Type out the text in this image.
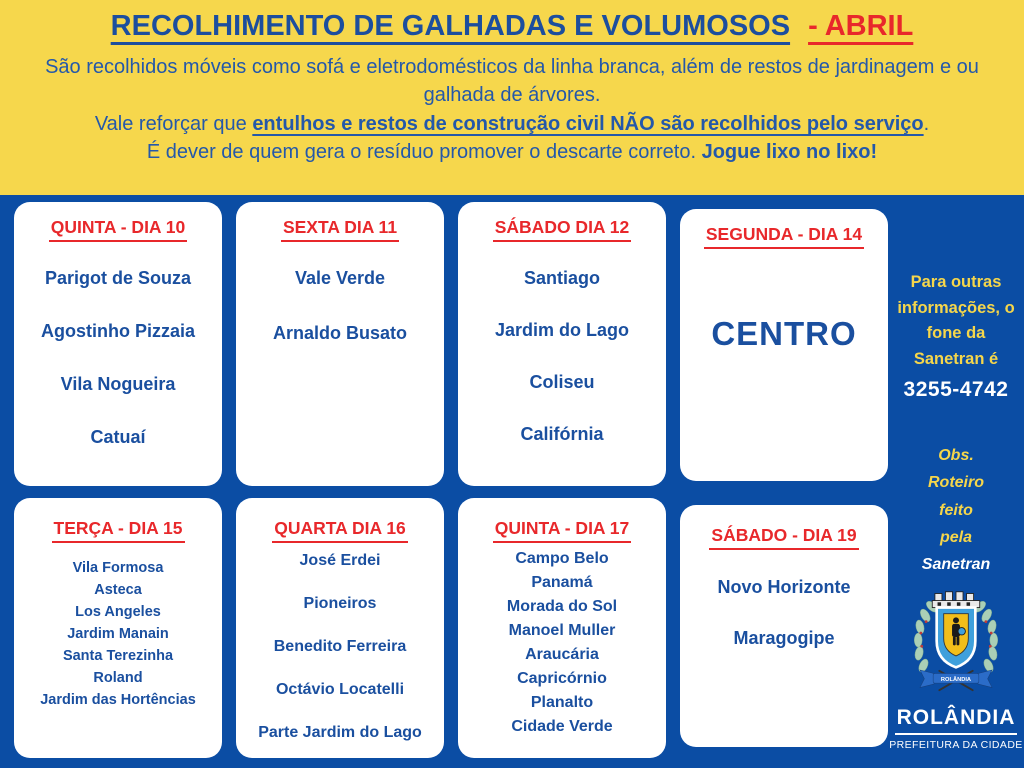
RECOLHIMENTO DE GALHADAS E VOLUMOSOS - ABRIL

São recolhidos móveis como sofá e eletrodomésticos da linha branca, além de restos de jardinagem e ou galhada de árvores.

Vale reforçar que entulhos e restos de construção civil NÃO são recolhidos pelo serviço.

É dever de quem gera o resíduo promover o descarte correto. Jogue lixo no lixo!

QUINTA - DIA 10
Parigot de Souza
Agostinho Pizzaia
Vila Nogueira
Catuaí
SEXTA DIA 11
Vale Verde
Arnaldo Busato
SÁBADO DIA 12
Santiago
Jardim do Lago
Coliseu
Califórnia
SEGUNDA - DIA 14
CENTRO
TERÇA - DIA 15
Vila Formosa
Asteca
Los Angeles
Jardim Manain
Santa Terezinha
Roland
Jardim das Hortências
QUARTA DIA 16
José Erdei
Pioneiros
Benedito Ferreira
Octávio Locatelli
Parte Jardim do Lago
QUINTA - DIA 17
Campo Belo
Panamá
Morada do Sol
Manoel Muller
Araucária
Capricórnio
Planalto
Cidade Verde
SÁBADO - DIA 19
Novo Horizonte
Maragogipe

Para outras informações, o fone da Sanetran é

3255-4742
Obs.
Roteiro
feito
pela
Sanetran
ROLÂNDIA
ROLÂNDIA
PREFEITURA DA CIDADE
